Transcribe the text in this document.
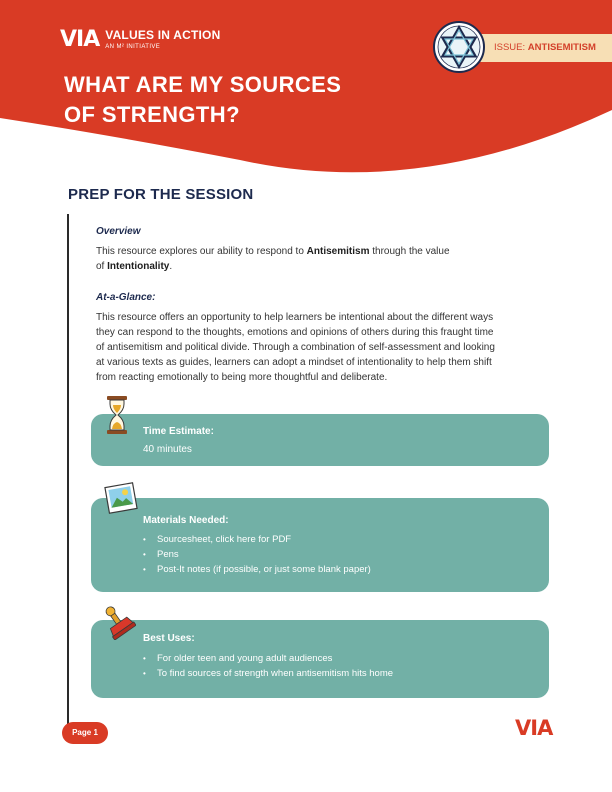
VIA VALUES IN ACTION
AN M² INITIATIVE
WHAT ARE MY SOURCES
OF STRENGTH?
ISSUE: ANTISEMITISM
PREP FOR THE SESSION
Overview
This resource explores our ability to respond to Antisemitism through the value
of Intentionality.
At-a-Glance:
This resource offers an opportunity to help learners be intentional about the different ways
they can respond to the thoughts, emotions and opinions of others during this fraught time
of antisemitism and political divide. Through a combination of self-assessment and looking
at various texts as guides, learners can adopt a mindset of intentionality to help them shift
from reacting emotionally to being more thoughtful and deliberate.
Time Estimate:
40 minutes
Materials Needed:
• Sourcesheet, click here for PDF
• Pens
• Post-It notes (if possible, or just some blank paper)
Best Uses:
• For older teen and young adult audiences
• To find sources of strength when antisemitism hits home
Page 1	VIA
